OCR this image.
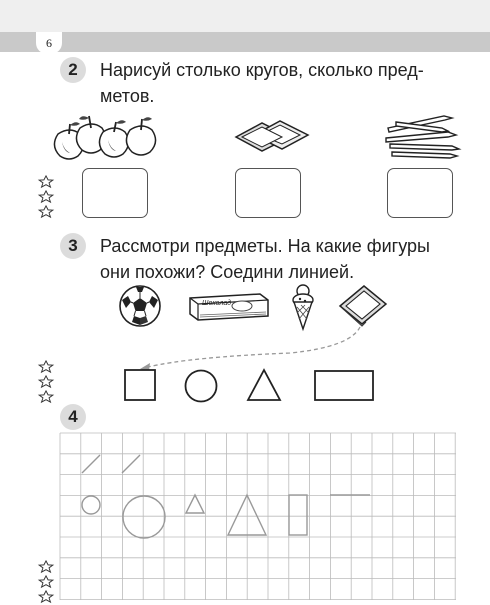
6
2	Нарисуй столько кругов, сколько пред-
метов.
3	Рассмотри предметы. На какие фигуры
они похожи? Соедини линией.
Шоколад
4
